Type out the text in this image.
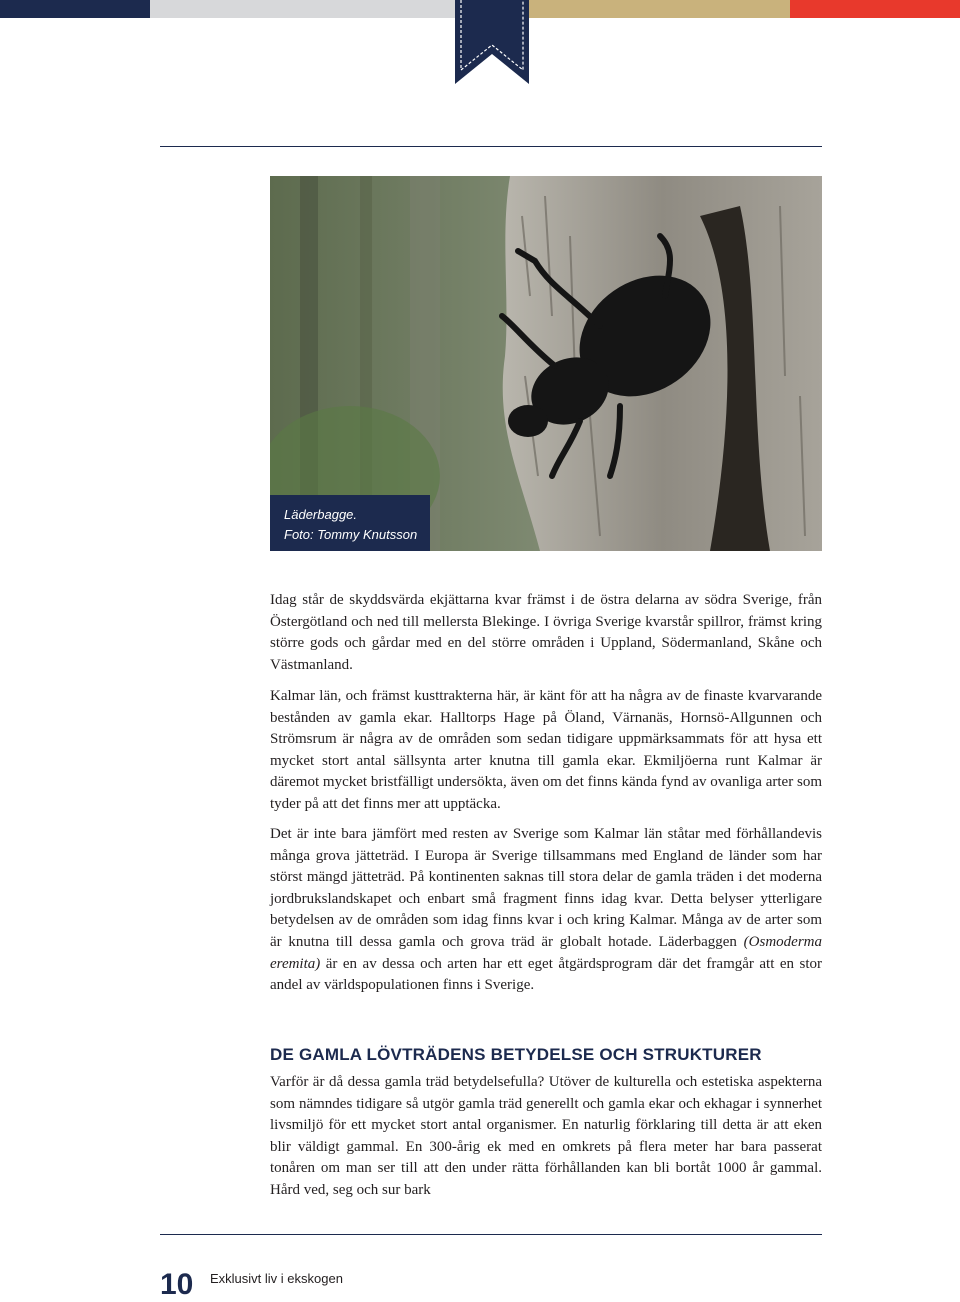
Läderbagge.
Foto: Tommy Knutsson

Idag står de skyddsvärda ekjättarna kvar främst i de östra delarna av södra Sverige, från Östergötland och ned till mellersta Blekinge. I övriga Sverige kvarstår spillror, främst kring större gods och gårdar med en del större områden i Uppland, Södermanland, Skåne och Västmanland.

Kalmar län, och främst kusttrakterna här, är känt för att ha några av de finaste kvarvarande bestånden av gamla ekar. Halltorps Hage på Öland, Värnanäs, Hornsö-Allgunnen och Strömsrum är några av de områden som sedan tidigare uppmärksammats för att hysa ett mycket stort antal sällsynta arter knutna till gamla ekar. Ekmiljöerna runt Kalmar är däremot mycket bristfälligt undersökta, även om det finns kända fynd av ovanliga arter som tyder på att det finns mer att upptäcka.

Det är inte bara jämfört med resten av Sverige som Kalmar län ståtar med förhållandevis många grova jätteträd. I Europa är Sverige tillsammans med England de länder som har störst mängd jätteträd. På kontinenten saknas till stora delar de gamla träden i det moderna jordbrukslandskapet och enbart små fragment finns idag kvar. Detta belyser ytterligare betydelsen av de områden som idag finns kvar i och kring Kalmar. Många av de arter som är knutna till dessa gamla och grova träd är globalt hotade. Läderbaggen (Osmoderma eremita) är en av dessa och arten har ett eget åtgärdsprogram där det framgår att en stor andel av världspopulationen finns i Sverige.

DE GAMLA LÖVTRÄDENS BETYDELSE OCH STRUKTURER

Varför är då dessa gamla träd betydelsefulla? Utöver de kulturella och estetiska aspekterna som nämndes tidigare så utgör gamla träd generellt och gamla ekar och ekhagar i synnerhet livsmiljö för ett mycket stort antal organismer. En naturlig förklaring till detta är att eken blir väldigt gammal. En 300-årig ek med en omkrets på flera meter har bara passerat tonåren om man ser till att den under rätta förhållanden kan bli bortåt 1000 år gammal. Hård ved, seg och sur bark

10 Exklusivt liv i ekskogen
